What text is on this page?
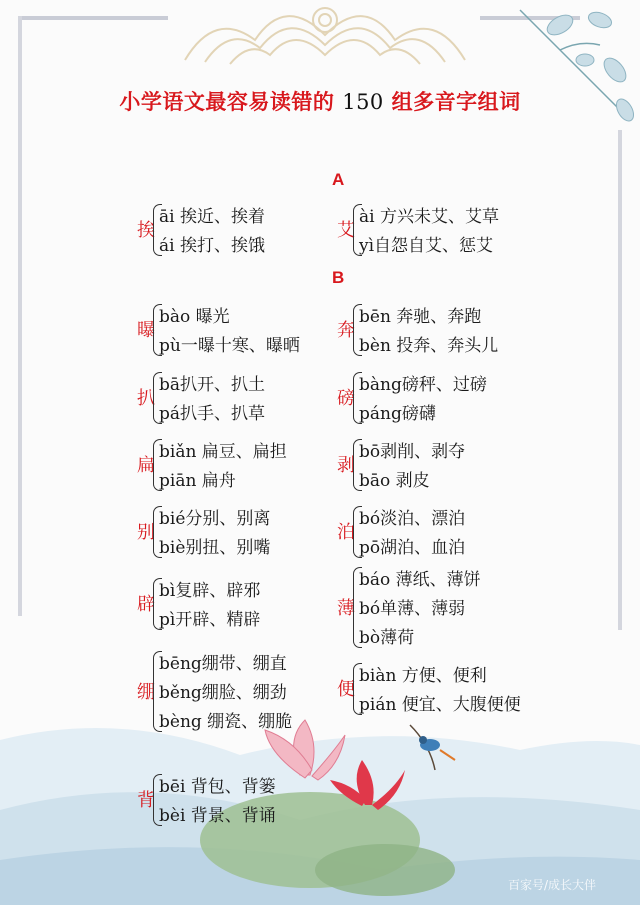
小学语文最容易读错的 150 组多音字组词
A
B
挨
āi 挨近、挨着
ái 挨打、挨饿
艾
ài 方兴未艾、艾草
yì自怨自艾、惩艾
曝
bào 曝光
pù一曝十寒、曝晒
奔
bēn 奔驰、奔跑
bèn 投奔、奔头儿
扒
bā扒开、扒土
pá扒手、扒草
磅
bàng磅秤、过磅
páng磅礴
扁
biǎn 扁豆、扁担
piān 扁舟
剥
bō剥削、剥夺
bāo 剥皮
别
bié分别、别离
biè别扭、别嘴
泊
bó淡泊、漂泊
pō湖泊、血泊
辟
bì复辟、辟邪
pì开辟、精辟
薄
báo 薄纸、薄饼
bó单薄、薄弱
bò薄荷
绷
bēng绷带、绷直
běng绷脸、绷劲
bèng 绷瓷、绷脆
便
biàn 方便、便利
pián 便宜、大腹便便
背
bēi 背包、背篓
bèi 背景、背诵
百家号/成长大伴
